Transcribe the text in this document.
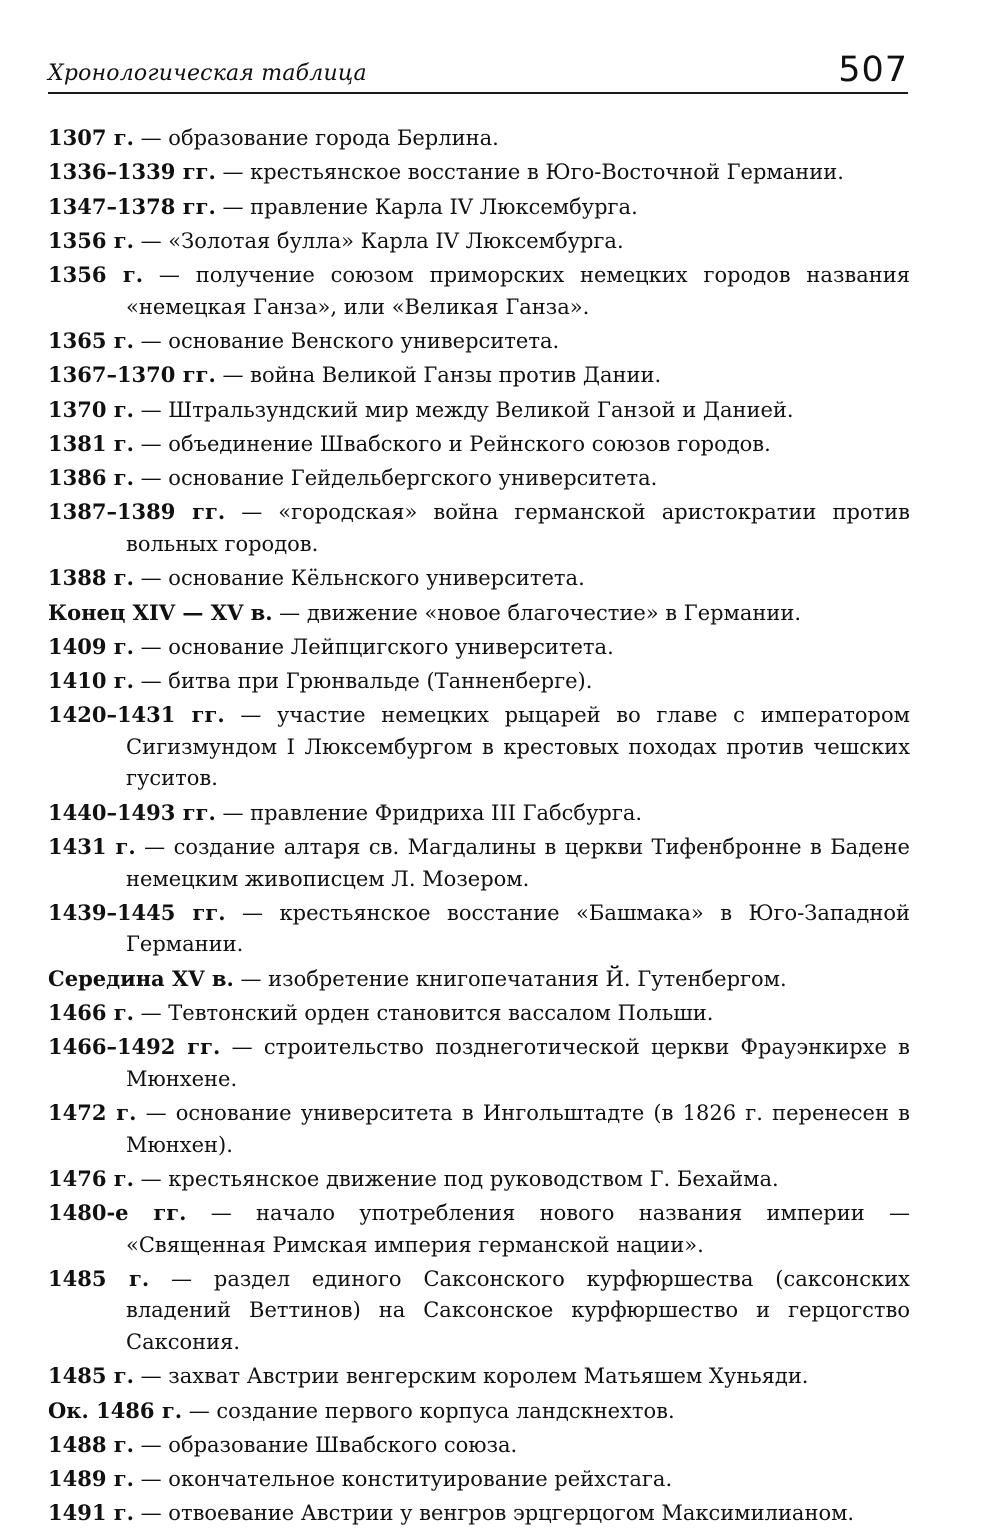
Хронологическая таблица	507
1307 г. — образование города Берлина.
1336–1339 гг. — крестьянское восстание в Юго-Восточной Германии.
1347–1378 гг. — правление Карла IV Люксембурга.
1356 г. — «Золотая булла» Карла IV Люксембурга.
1356 г. — получение союзом приморских немецких городов названия «немецкая Ганза», или «Великая Ганза».
1365 г. — основание Венского университета.
1367–1370 гг. — война Великой Ганзы против Дании.
1370 г. — Штральзундский мир между Великой Ганзой и Данией.
1381 г. — объединение Швабского и Рейнского союзов городов.
1386 г. — основание Гейдельбергского университета.
1387–1389 гг. — «городская» война германской аристократии против вольных городов.
1388 г. — основание Кёльнского университета.
Конец XIV — XV в. — движение «новое благочестие» в Германии.
1409 г. — основание Лейпцигского университета.
1410 г. — битва при Грюнвальде (Танненберге).
1420–1431 гг. — участие немецких рыцарей во главе с императором Сигизмундом I Люксембургом в крестовых походах против чешских гуситов.
1440–1493 гг. — правление Фридриха III Габсбурга.
1431 г. — создание алтаря св. Магдалины в церкви Тифенбронне в Бадене немецким живописцем Л. Мозером.
1439–1445 гг. — крестьянское восстание «Башмака» в Юго-Западной Германии.
Середина XV в. — изобретение книгопечатания Й. Гутенбергом.
1466 г. — Тевтонский орден становится вассалом Польши.
1466–1492 гг. — строительство позднеготической церкви Фрауэнкирхе в Мюнхене.
1472 г. — основание университета в Ингольштадте (в 1826 г. перенесен в Мюнхен).
1476 г. — крестьянское движение под руководством Г. Бехайма.
1480-е гг. — начало употребления нового названия империи — «Священная Римская империя германской нации».
1485 г. — раздел единого Саксонского курфюршества (саксонских владений Веттинов) на Саксонское курфюршество и герцогство Саксония.
1485 г. — захват Австрии венгерским королем Матьяшем Хуньяди.
Ок. 1486 г. — создание первого корпуса ландскнехтов.
1488 г. — образование Швабского союза.
1489 г. — окончательное конституирование рейхстага.
1491 г. — отвоевание Австрии у венгров эрцгерцогом Максимилианом.
